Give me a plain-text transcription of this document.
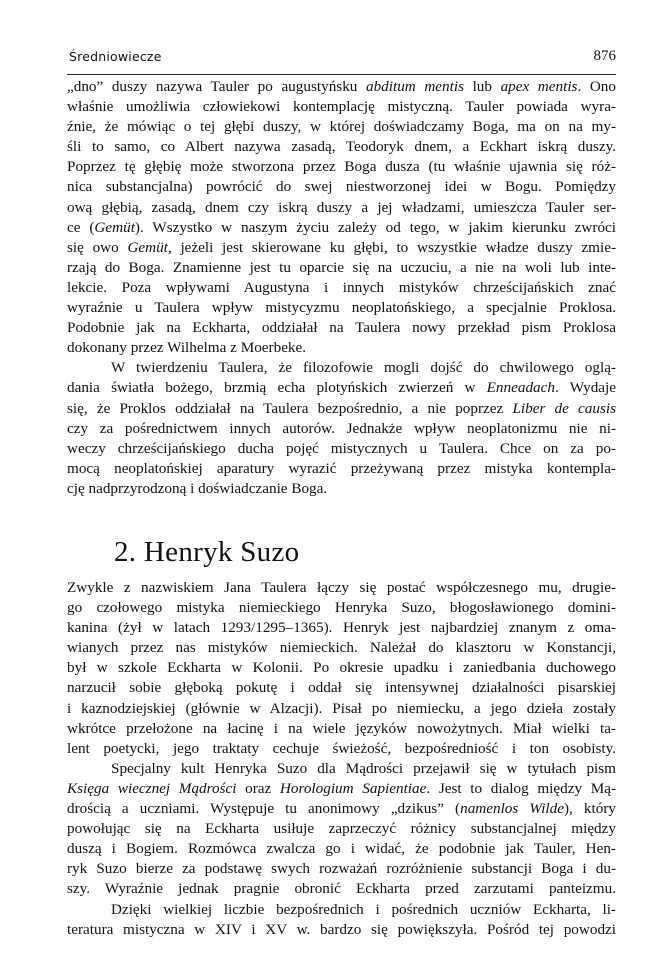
Średniowiecze	876
„dno” duszy nazywa Tauler po augustyńsku abditum mentis lub apex mentis. Ono
właśnie umożliwia człowiekowi kontemplację mistyczną. Tauler powiada wyra-
źnie, że mówiąc o tej głębi duszy, w której doświadczamy Boga, ma on na my-
śli to samo, co Albert nazywa zasadą, Teodoryk dnem, a Eckhart iskrą duszy.
Poprzez tę głębię może stworzona przez Boga dusza (tu właśnie ujawnia się róż-
nica substancjalna) powrócić do swej niestworzonej idei w Bogu. Pomiędzy
ową głębią, zasadą, dnem czy iskrą duszy a jej władzami, umieszcza Tauler ser-
ce (Gemüt). Wszystko w naszym życiu zależy od tego, w jakim kierunku zwróci
się owo Gemüt, jeżeli jest skierowane ku głębi, to wszystkie władze duszy zmie-
rzają do Boga. Znamienne jest tu oparcie się na uczuciu, a nie na woli lub inte-
lekcie. Poza wpływami Augustyna i innych mistyków chrześcijańskich znać
wyraźnie u Taulera wpływ mistycyzmu neoplatońskiego, a specjalnie Proklosa.
Podobnie jak na Eckharta, oddziałał na Taulera nowy przekład pism Proklosa
dokonany przez Wilhelma z Moerbeke.
W twierdzeniu Taulera, że filozofowie mogli dojść do chwilowego oglą-
dania światła bożego, brzmią echa plotyńskich zwierzeń w Enneadach. Wydaje
się, że Proklos oddziałał na Taulera bezpośrednio, a nie poprzez Liber de causis
czy za pośrednictwem innych autorów. Jednakże wpływ neoplatonizmu nie ni-
weczy chrześcijańskiego ducha pojęć mistycznych u Taulera. Chce on za po-
mocą neoplatońskiej aparatury wyrazić przeżywaną przez mistyka kontempla-
cję nadprzyrodzoną i doświadczanie Boga.
2. Henryk Suzo
Zwykle z nazwiskiem Jana Taulera łączy się postać współczesnego mu, drugie-
go czołowego mistyka niemieckiego Henryka Suzo, błogosławionego domini-
kanina (żył w latach 1293/1295–1365). Henryk jest najbardziej znanym z oma-
wianych przez nas mistyków niemieckich. Należał do klasztoru w Konstancji,
był w szkole Eckharta w Kolonii. Po okresie upadku i zaniedbania duchowego
narzucił sobie głęboką pokutę i oddał się intensywnej działalności pisarskiej
i kaznodziejskiej (głównie w Alzacji). Pisał po niemiecku, a jego dzieła zostały
wkrótce przełożone na łacinę i na wiele języków nowożytnych. Miał wielki ta-
lent poetycki, jego traktaty cechuje świeżość, bezpośredniość i ton osobisty.
Specjalny kult Henryka Suzo dla Mądrości przejawił się w tytułach pism
Księga wiecznej Mądrości oraz Horologium Sapientiae. Jest to dialog między Mą-
drością a uczniami. Występuje tu anonimowy „dzikus” (namenlos Wilde), który
powołując się na Eckharta usiłuje zaprzeczyć różnicy substancjalnej między
duszą i Bogiem. Rozmówca zwalcza go i widać, że podobnie jak Tauler, Hen-
ryk Suzo bierze za podstawę swych rozważań rozróżnienie substancji Boga i du-
szy. Wyraźnie jednak pragnie obronić Eckharta przed zarzutami panteizmu.
Dzięki wielkiej liczbie bezpośrednich i pośrednich uczniów Eckharta, li-
teratura mistyczna w XIV i XV w. bardzo się powiększyła. Pośród tej powodzi
